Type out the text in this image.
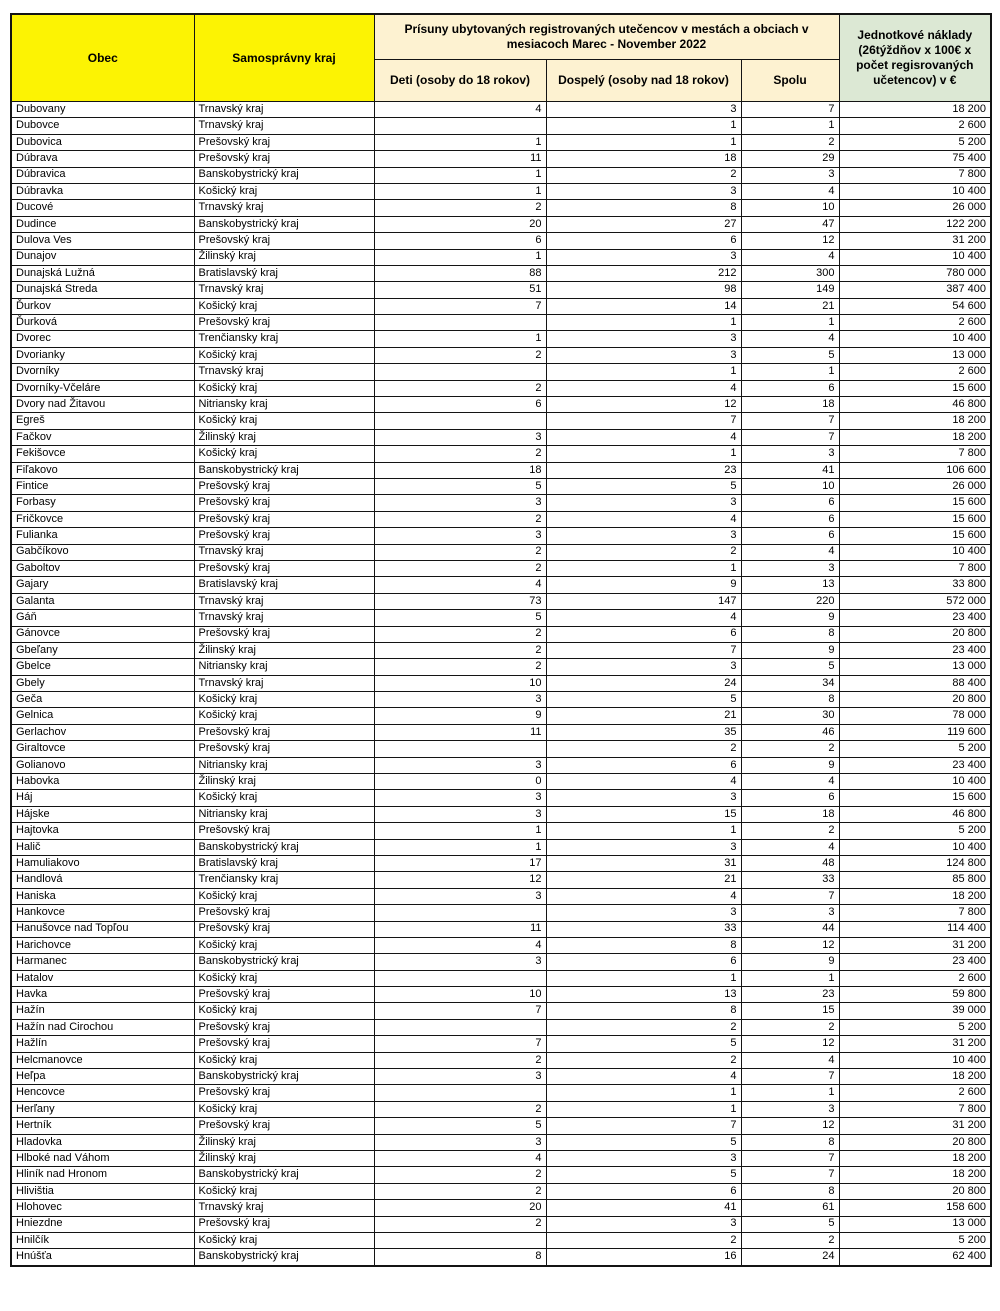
Obec	Samosprávny kraj	Prísuny ubytovaných registrovaných utečencov v mestách a obciach v mesiacoch Marec - November 2022			Jednotkové náklady (26týždňov x 100€ x počet regisrovaných učetencov) v €
		Deti (osoby do 18 rokov)	Dospelý (osoby nad 18 rokov)	Spolu	
Dubovany	Trnavský kraj	4	3	7	18 200
Dubovce	Trnavský kraj		1	1	2 600
Dubovica	Prešovský kraj	1	1	2	5 200
Dúbrava	Prešovský kraj	11	18	29	75 400
Dúbravica	Banskobystrický kraj	1	2	3	7 800
Dúbravka	Košický kraj	1	3	4	10 400
Ducové	Trnavský kraj	2	8	10	26 000
Dudince	Banskobystrický kraj	20	27	47	122 200
Dulova Ves	Prešovský kraj	6	6	12	31 200
Dunajov	Žilinský kraj	1	3	4	10 400
Dunajská Lužná	Bratislavský kraj	88	212	300	780 000
Dunajská Streda	Trnavský kraj	51	98	149	387 400
Ďurkov	Košický kraj	7	14	21	54 600
Ďurková	Prešovský kraj		1	1	2 600
Dvorec	Trenčiansky kraj	1	3	4	10 400
Dvorianky	Košický kraj	2	3	5	13 000
Dvorníky	Trnavský kraj		1	1	2 600
Dvorníky-Včeláre	Košický kraj	2	4	6	15 600
Dvory nad Žitavou	Nitriansky kraj	6	12	18	46 800
Egreš	Košický kraj		7	7	18 200
Fačkov	Žilinský kraj	3	4	7	18 200
Fekišovce	Košický kraj	2	1	3	7 800
Fiľakovo	Banskobystrický kraj	18	23	41	106 600
Fintice	Prešovský kraj	5	5	10	26 000
Forbasy	Prešovský kraj	3	3	6	15 600
Fričkovce	Prešovský kraj	2	4	6	15 600
Fulianka	Prešovský kraj	3	3	6	15 600
Gabčíkovo	Trnavský kraj	2	2	4	10 400
Gaboltov	Prešovský kraj	2	1	3	7 800
Gajary	Bratislavský kraj	4	9	13	33 800
Galanta	Trnavský kraj	73	147	220	572 000
Gáň	Trnavský kraj	5	4	9	23 400
Gánovce	Prešovský kraj	2	6	8	20 800
Gbeľany	Žilinský kraj	2	7	9	23 400
Gbelce	Nitriansky kraj	2	3	5	13 000
Gbely	Trnavský kraj	10	24	34	88 400
Geča	Košický kraj	3	5	8	20 800
Gelnica	Košický kraj	9	21	30	78 000
Gerlachov	Prešovský kraj	11	35	46	119 600
Giraltovce	Prešovský kraj		2	2	5 200
Golianovo	Nitriansky kraj	3	6	9	23 400
Habovka	Žilinský kraj	0	4	4	10 400
Háj	Košický kraj	3	3	6	15 600
Hájske	Nitriansky kraj	3	15	18	46 800
Hajtovka	Prešovský kraj	1	1	2	5 200
Halič	Banskobystrický kraj	1	3	4	10 400
Hamuliakovo	Bratislavský kraj	17	31	48	124 800
Handlová	Trenčiansky kraj	12	21	33	85 800
Haniska	Košický kraj	3	4	7	18 200
Hankovce	Prešovský kraj		3	3	7 800
Hanušovce nad Topľou	Prešovský kraj	11	33	44	114 400
Harichovce	Košický kraj	4	8	12	31 200
Harmanec	Banskobystrický kraj	3	6	9	23 400
Hatalov	Košický kraj		1	1	2 600
Havka	Prešovský kraj	10	13	23	59 800
Hažín	Košický kraj	7	8	15	39 000
Hažín nad Cirochou	Prešovský kraj		2	2	5 200
Hažlín	Prešovský kraj	7	5	12	31 200
Helcmanovce	Košický kraj	2	2	4	10 400
Heľpa	Banskobystrický kraj	3	4	7	18 200
Hencovce	Prešovský kraj		1	1	2 600
Herľany	Košický kraj	2	1	3	7 800
Hertník	Prešovský kraj	5	7	12	31 200
Hladovka	Žilinský kraj	3	5	8	20 800
Hlboké nad Váhom	Žilinský kraj	4	3	7	18 200
Hliník nad Hronom	Banskobystrický kraj	2	5	7	18 200
Hlivištia	Košický kraj	2	6	8	20 800
Hlohovec	Trnavský kraj	20	41	61	158 600
Hniezdne	Prešovský kraj	2	3	5	13 000
Hnilčík	Košický kraj		2	2	5 200
Hnúšťa	Banskobystrický kraj	8	16	24	62 400
